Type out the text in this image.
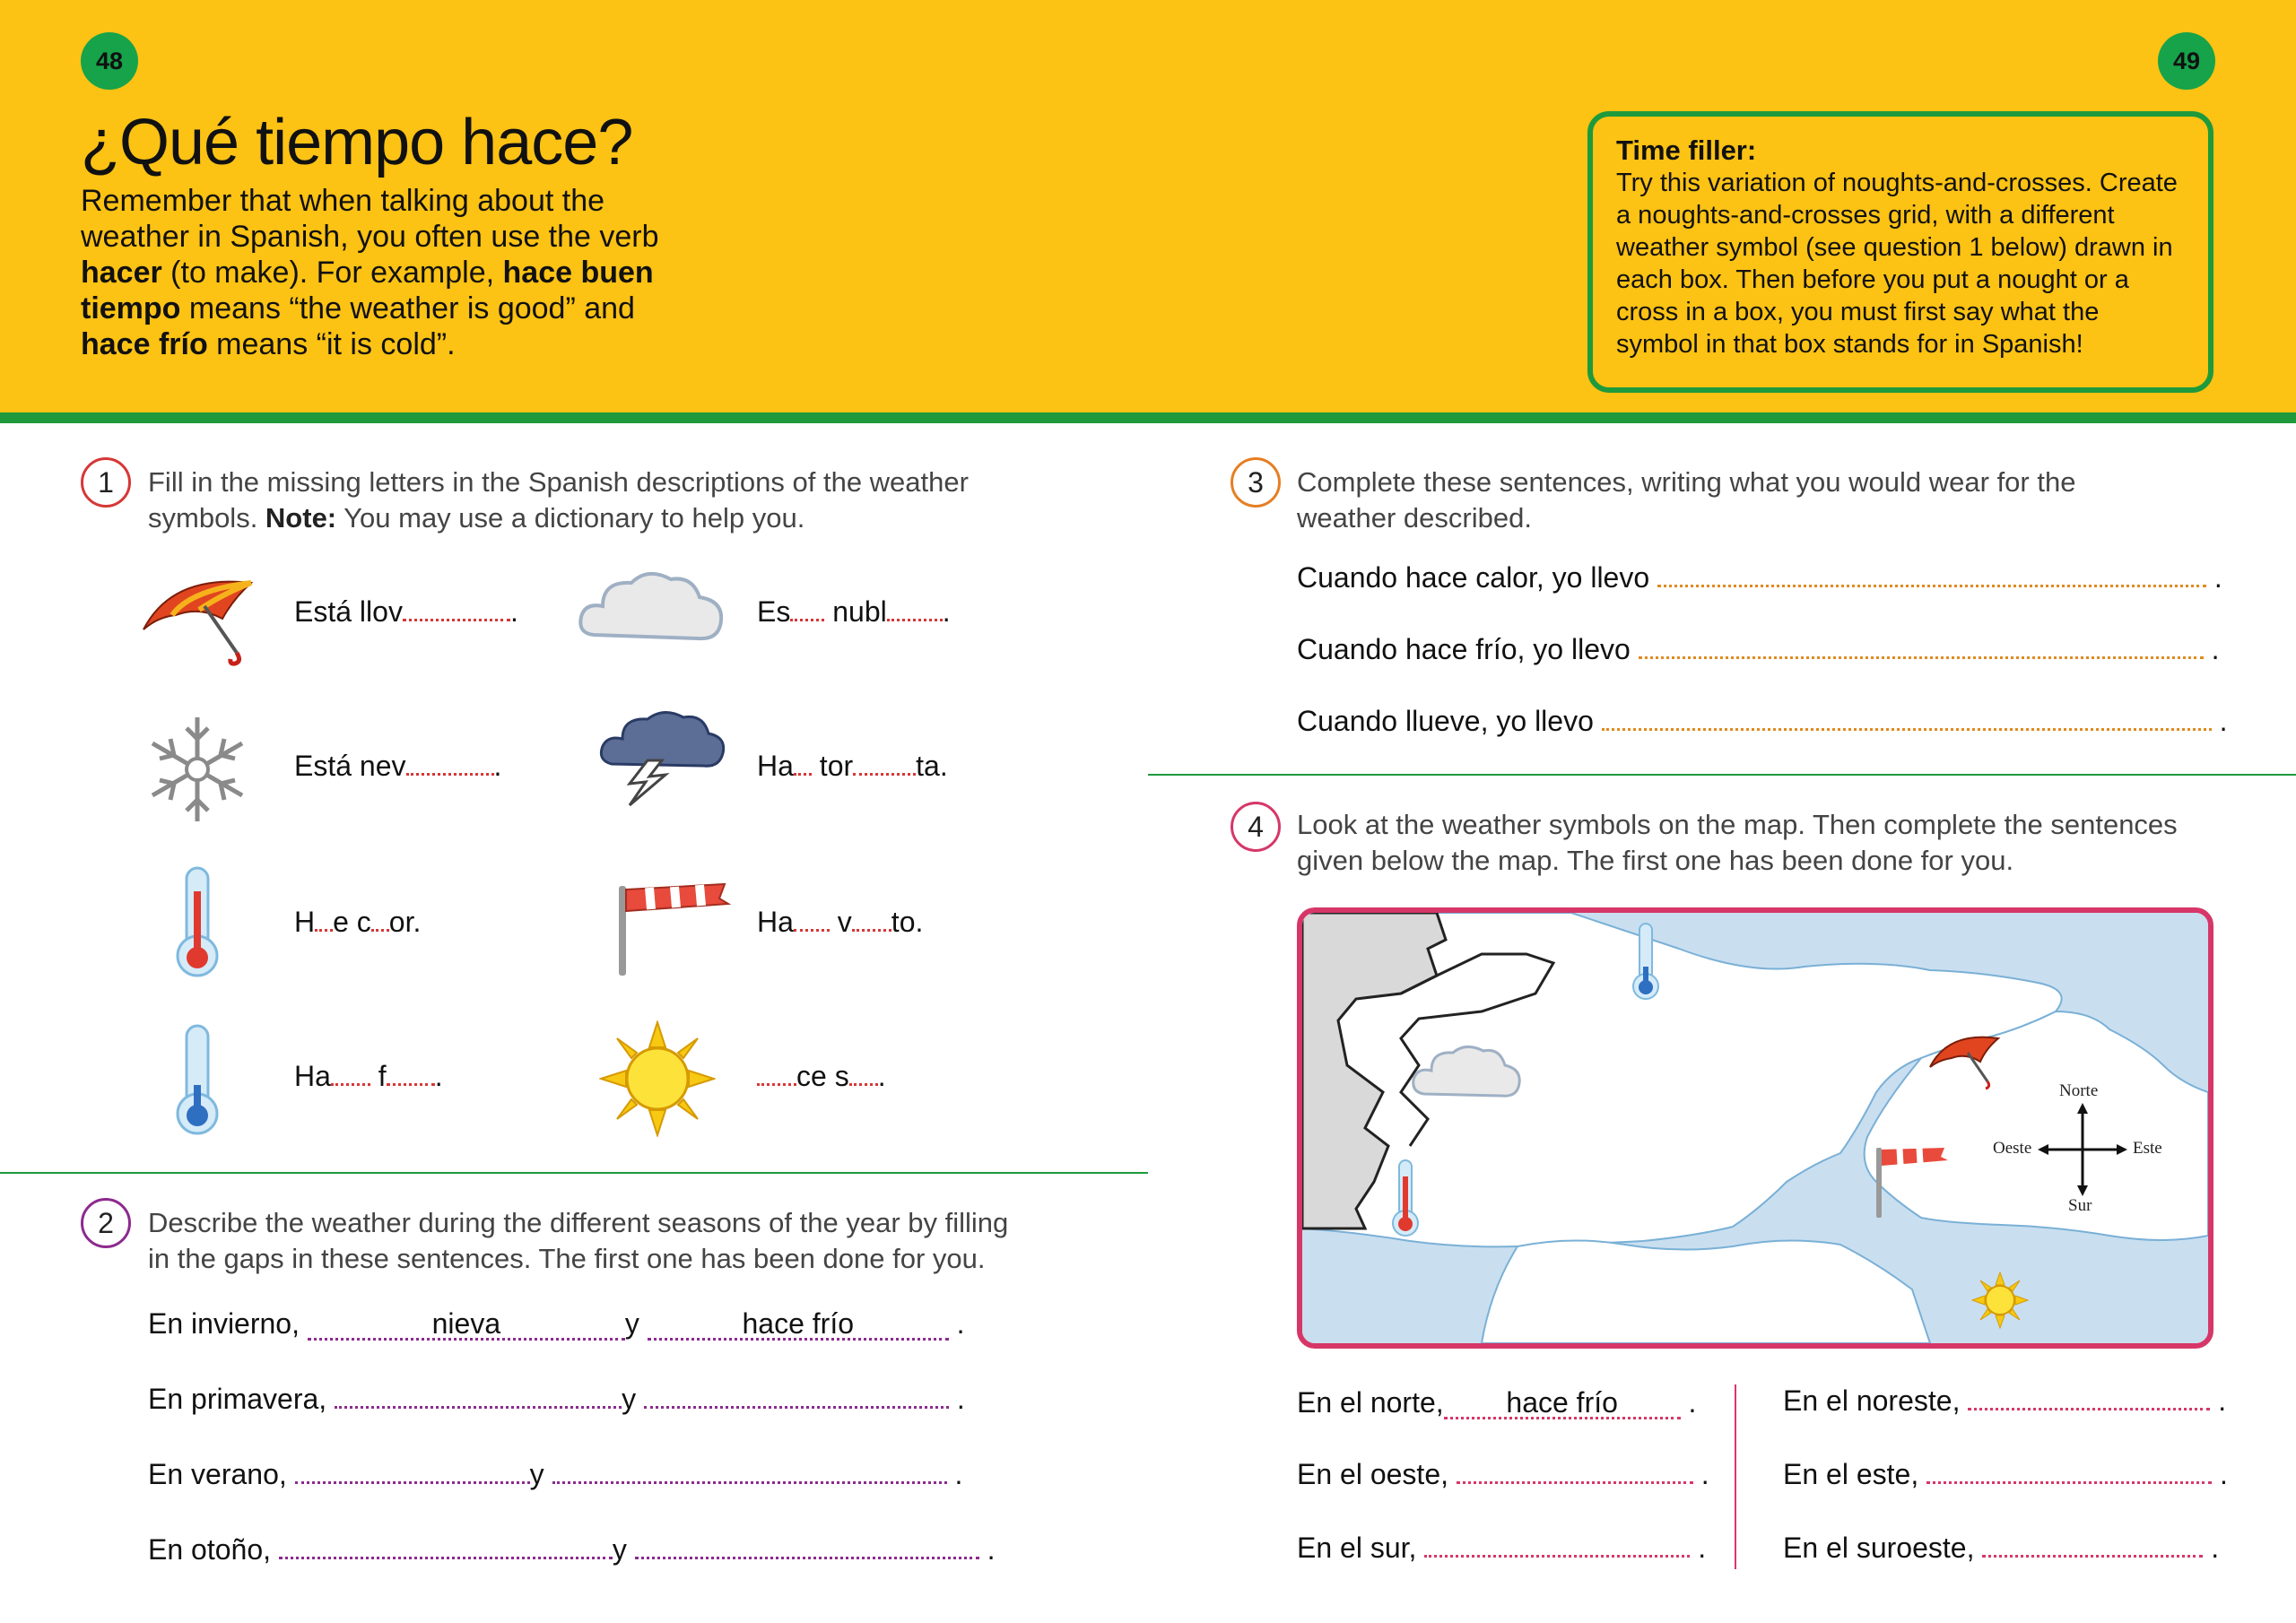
48	49
¿Qué tiempo hace?

Remember that when talking about the weather in Spanish, you often use the verb hacer (to make). For example, hace buen tiempo means “the weather is good” and hace frío means “it is cold”.

Time filler:
Try this variation of noughts-and-crosses. Create a noughts-and-crosses grid, with a different weather symbol (see question 1 below) drawn in each box. Then before you put a nought or a cross in a box, you must first say what the symbol in that box stands for in Spanish!
1	Fill in the missing letters in the Spanish descriptions of the weather symbols. Note: You may use a dictionary to help you.

Está llov	.	Es nubl .
Está nev	.	Ha tor ta.
H e c or.	Ha v to.
Ha f .	ce s .
2	Describe the weather during the different seasons of the year by filling in the gaps in these sentences. The first one has been done for you.

En invierno,	nieva	y	hace frío	.
En primavera,	y	.
En verano,	y	.
En otoño,	y	.
3	Complete these sentences, writing what you would wear for the weather described.

Cuando hace calor, yo llevo	.
Cuando hace frío, yo llevo	.
Cuando llueve, yo llevo	.
4	Look at the weather symbols on the map. Then complete the sentences given below the map. The first one has been done for you.

Norte
Oeste	Este
Sur
En el norte, hace frío .
En el oeste,	.
En el sur,	.
En el noreste,	.
En el este,	.
En el suroeste,	.
